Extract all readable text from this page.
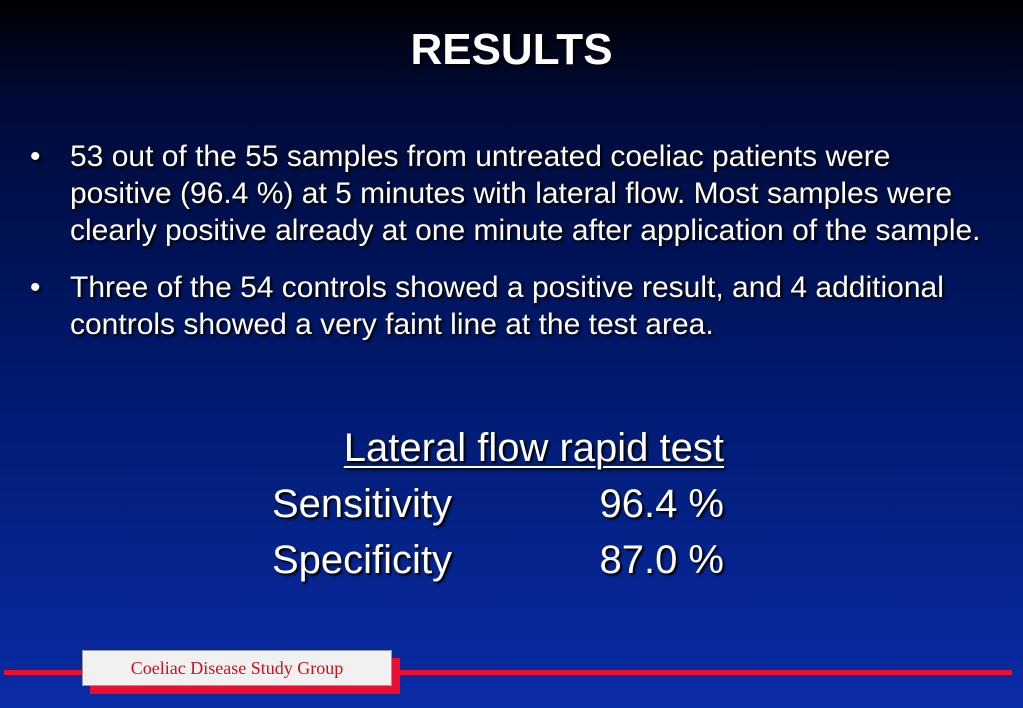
RESULTS
• 53 out of the 55 samples from untreated coeliac patients were positive (96.4 %) at 5 minutes with lateral flow. Most samples were clearly positive already at one minute after application of the sample.
• Three of the 54 controls showed a positive result, and 4 additional controls showed a very faint line at the test area.
Lateral flow rapid test
Sensitivity	96.4 %
Specificity	87.0 %
Coeliac Disease Study Group
